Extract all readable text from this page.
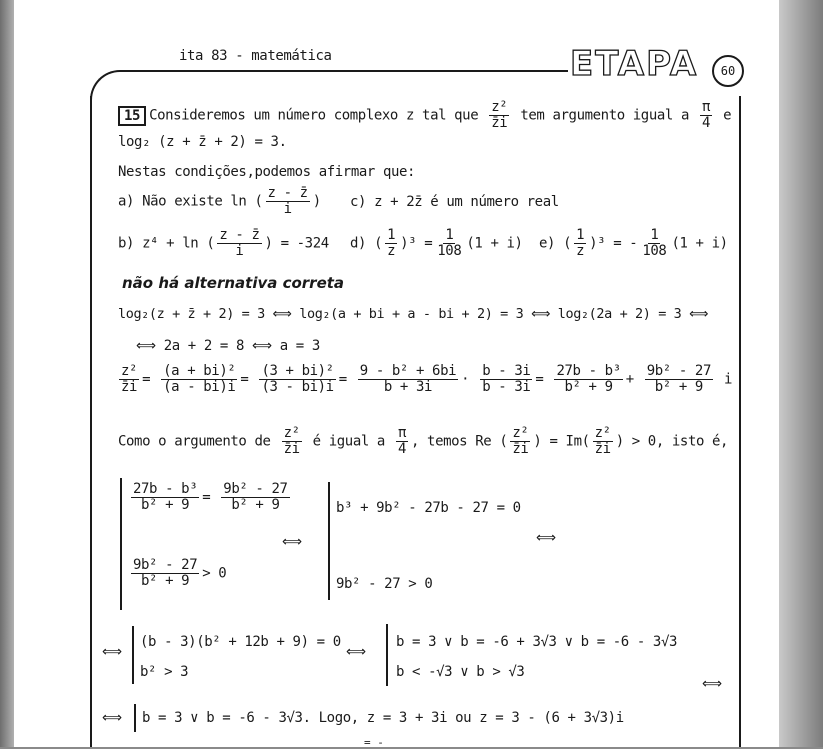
ita 83 - matemática	ETAPA	60
15 Consideremos um número complexo z tal que $\frac{\text{z²}}{z̄i}$ tem argumento igual a $\frac{\pi}{4}$ e
log₂ (z + z̄ + 2) = 3.
Nestas condições,podemos afirmar que:
a) Não existe ln ( $\frac{z - z̄}{i}$ ) c) z + 2z̄ é um número real
b) z⁴ + ln ( $\frac{z - z̄}{i}$ ) = -324 d) ( $\frac{1}{z} )^3 = \frac{1}{108} (1 + i)$ e) ( $\frac{1}{z} )^3$ = - $\frac{1}{108} (1 + i)$
não há alternativa correta
log₂(z + z̄ + 2) = 3 ⟺ log₂(a + bi + a - bi + 2) = 3 ⟺ log₂(2a + 2) = 3 ⟺
⟺ 2a + 2 = 8 ⟺ a = 3
$\frac{\text{z²}}{z̄i} = \frac{\text{(a + bi)²}}{(a - bi)i} = \frac{\text{(3 + bi)²}}{(3 - bi)i} = \frac{\text{9 - b² + 6bi}}{b + 3i} \cdot \frac{b - 3i}{b - 3i} = \frac{\text{27b - b³}}{\text{b² + 9}} + \frac{\text{9b² - 27}}{\text{b² + 9}}$ i
Como o argumento de $\frac{\text{z²}}{z̄i}$ é igual a $\frac{\pi}{4}$ , temos Re ( $\frac{\text{z²}}{z̄i}$ ) = $Im( \frac{\text{z²}}{z̄i}$ ) > 0, isto é,
$\frac{\text{27b - b³}}{\text{b² + 9}} = \frac{\text{9b² - 27}}{\text{b² + 9}}$
$\frac{\text{9b² - 27}}{\text{b² + 9}} > 0$
⟺
b³ + 9b² - 27b - 27 = 0
9b² - 27 > 0
⟺
⟺
(b - 3)(b² + 12b + 9) = 0
b² > 3
⟺
b = 3 ∨ b = -6 + 3√3 ∨ b = -6 - 3√3
b < -√3 ∨ b > √3
⟺
⟺ b = 3 ∨ b = -6 - 3√3. Logo, z = 3 + 3i ou z = 3 - (6 + 3√3)i
= -
